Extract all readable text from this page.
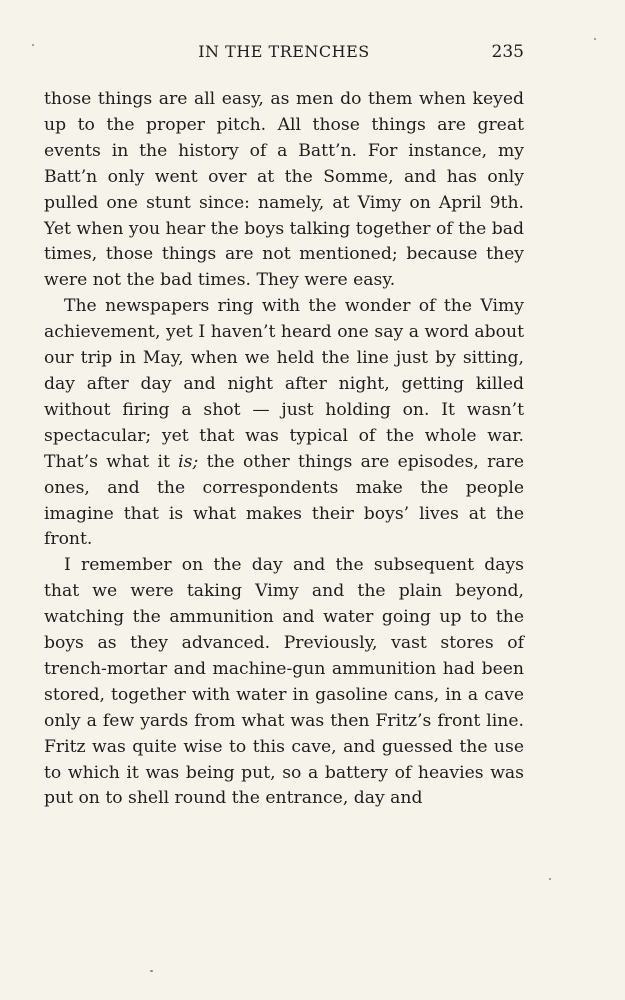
IN THE TRENCHES	235

those things are all easy, as men do them when keyed up to the proper pitch. All those things are great events in the history of a Batt’n. For instance, my Batt’n only went over at the Somme, and has only pulled one stunt since: namely, at Vimy on April 9th. Yet when you hear the boys talking together of the bad times, those things are not mentioned; because they were not the bad times. They were easy.

The newspapers ring with the wonder of the Vimy achievement, yet I haven’t heard one say a word about our trip in May, when we held the line just by sitting, day after day and night after night, getting killed without firing a shot — just holding on. It wasn’t spectacular; yet that was typical of the whole war. That’s what it is; the other things are episodes, rare ones, and the correspondents make the people imagine that is what makes their boys’ lives at the front.

I remember on the day and the subsequent days that we were taking Vimy and the plain beyond, watching the ammunition and water going up to the boys as they advanced. Previously, vast stores of trench-mortar and machine-gun ammunition had been stored, together with water in gasoline cans, in a cave only a few yards from what was then Fritz’s front line. Fritz was quite wise to this cave, and guessed the use to which it was being put, so a battery of heavies was put on to shell round the entrance, day and
